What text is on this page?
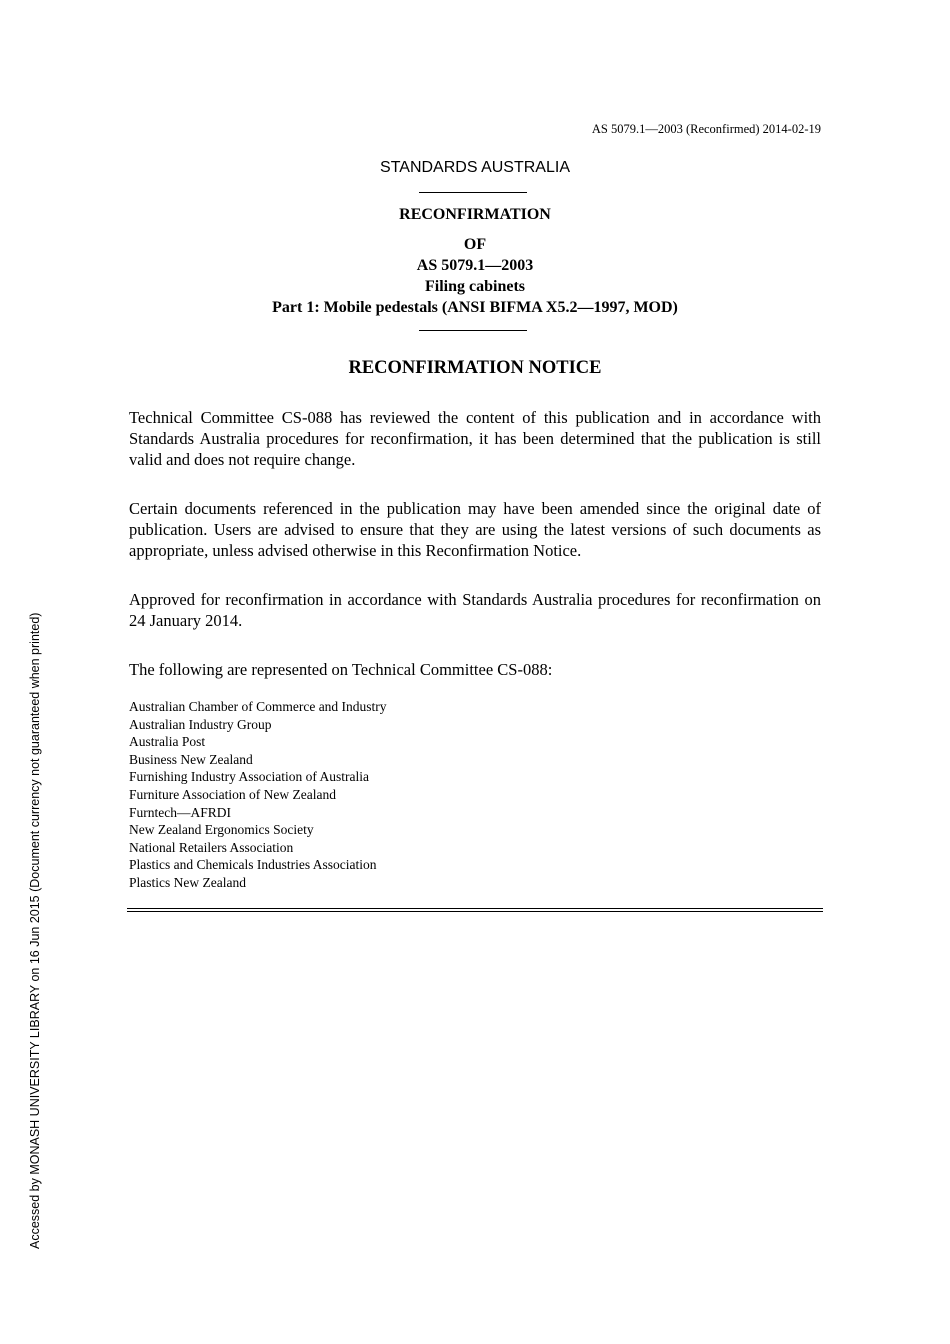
AS 5079.1—2003 (Reconfirmed) 2014-02-19
STANDARDS AUSTRALIA
RECONFIRMATION
OF
AS 5079.1—2003
Filing cabinets
Part 1: Mobile pedestals (ANSI BIFMA X5.2—1997, MOD)
RECONFIRMATION NOTICE

Technical Committee CS-088 has reviewed the content of this publication and in accordance with Standards Australia procedures for reconfirmation, it has been determined that the publication is still valid and does not require change.

Certain documents referenced in the publication may have been amended since the original date of publication. Users are advised to ensure that they are using the latest versions of such documents as appropriate, unless advised otherwise in this Reconfirmation Notice.

Approved for reconfirmation in accordance with Standards Australia procedures for reconfirmation on 24 January 2014.

The following are represented on Technical Committee CS-088:

Australian Chamber of Commerce and Industry
Australian Industry Group
Australia Post
Business New Zealand
Furnishing Industry Association of Australia
Furniture Association of New Zealand
Furntech—AFRDI
New Zealand Ergonomics Society
National Retailers Association
Plastics and Chemicals Industries Association
Plastics New Zealand
Accessed by MONASH UNIVERSITY LIBRARY on 16 Jun 2015 (Document currency not guaranteed when printed)
